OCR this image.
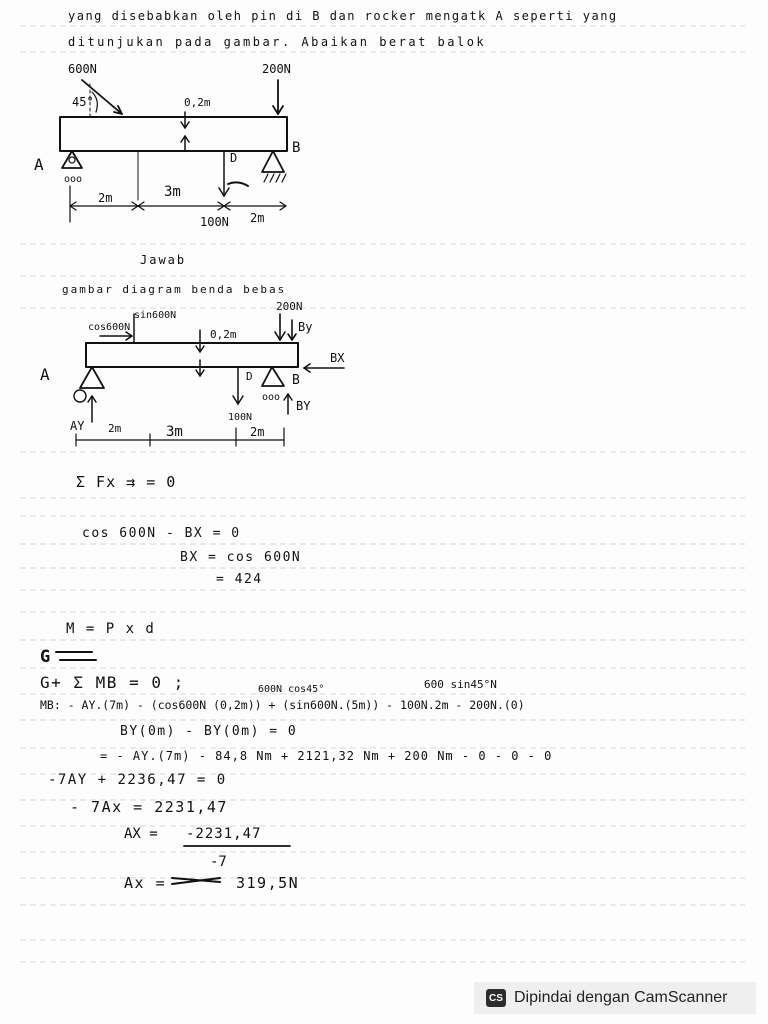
yang disebabkan oleh pin di B dan rocker mengatk A seperti yang
ditunjukan pada gambar. Abaikan berat balok
600N
45°	0,2m
200N
ooo
A
B
D
100N
2m	3m
2m
Jawab
gambar diagram benda bebas
cos600N
sin600N
0,2m
200N
By
BX
A	B
ooo
BY
D
100N
AY 2m	3m	2m
Σ Fx ⇉ = 0
cos 600N - BX = 0
BX = cos 600N
= 424
M = P x d
G
G+ Σ MB = 0 ;	600N cos45°	600 sin45°N
MB: - AY.(7m) - (cos600N (0,2m)) + (sin600N.(5m)) - 100N.2m - 200N.(0)
BY(0m) - BY(0m) = 0
= - AY.(7m) - 84,8 Nm + 2121,32 Nm + 200 Nm - 0 - 0 - 0
-7AY + 2236,47 = 0
- 7Ax = 2231,47
AX = -2231,47
-7
Ax =	319,5N
CS Dipindai dengan CamScanner
